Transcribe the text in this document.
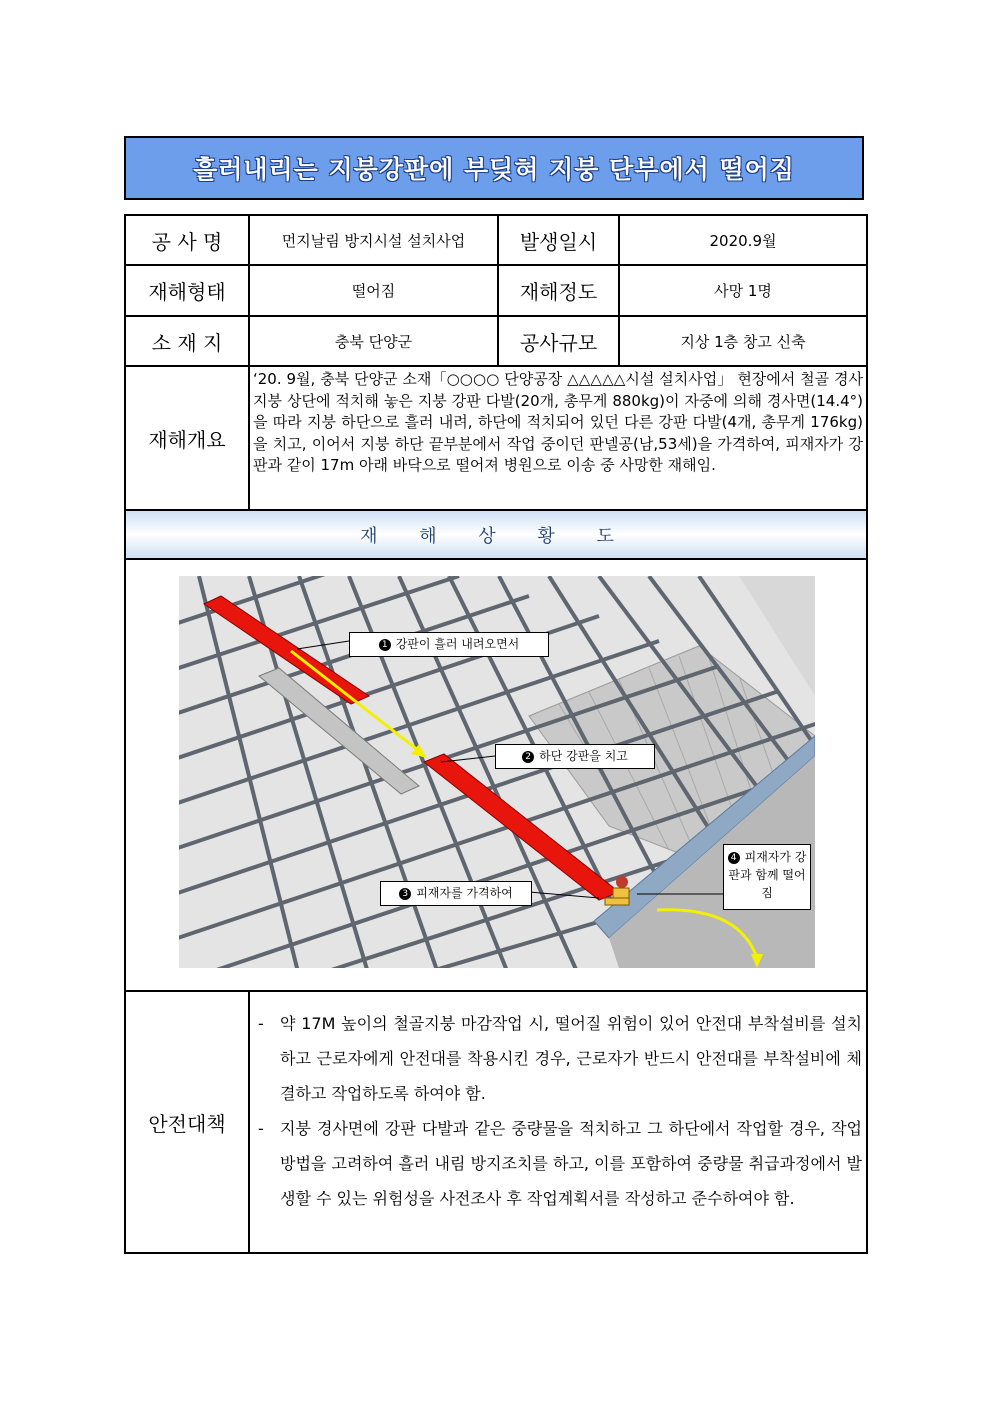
흘러내리는 지붕강판에 부딪혀 지붕 단부에서 떨어짐
공 사 명	먼지날림 방지시설 설치사업	발생일시	2020.9월
재해형태	떨어짐	재해정도	사망 1명
소 재 지	충북 단양군	공사규모	지상 1층 창고 신축
재해개요	‘20. 9월, 충북 단양군 소재「○○○○ 단양공장 △△△△△시설 설치사업」 현장에서 철골 경사지붕 상단에 적치해 놓은 지붕 강판 다발(20개, 총무게 880kg)이 자중에 의해 경사면(14.4°)을 따라 지붕 하단으로 흘러 내려, 하단에 적치되어 있던 다른 강판 다발(4개, 총무게 176kg)을 치고, 이어서 지붕 하단 끝부분에서 작업 중이던 판넬공(남,53세)을 가격하여, 피재자가 강판과 같이 17m 아래 바닥으로 떨어져 병원으로 이송 중 사망한 재해임.		
재 해 상 황 도			

1 강판이 흘러 내려오면서
2 하단 강판을 치고
3 피재자를 가격하여
4 피재자가 강판과 함께 떨어짐			

안전대책	- 약 17M 높이의 철골지붕 마감작업 시, 떨어질 위험이 있어 안전대 부착설비를 설치하고 근로자에게 안전대를 착용시킨 경우, 근로자가 반드시 안전대를 부착설비에 체결하고 작업하도록 하여야 함.
- 지붕 경사면에 강판 다발과 같은 중량물을 적치하고 그 하단에서 작업할 경우, 작업방법을 고려하여 흘러 내림 방지조치를 하고, 이를 포함하여 중량물 취급과정에서 발생할 수 있는 위험성을 사전조사 후 작업계획서를 작성하고 준수하여야 함.		
